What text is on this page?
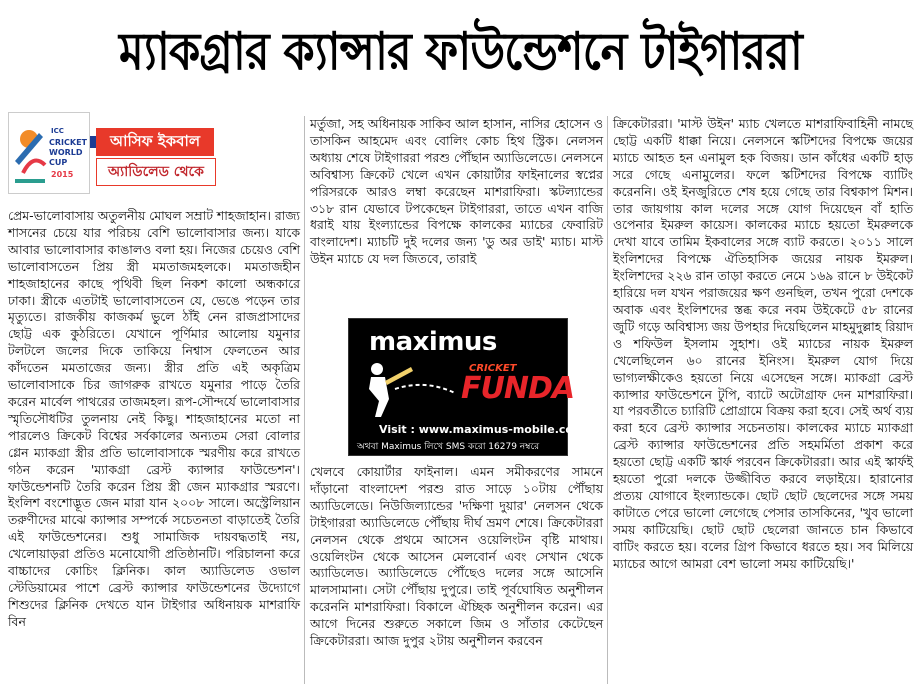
ম্যাকগ্রার ক্যান্সার ফাউন্ডেশনে টাইগাররা
ICC
CRICKET
WORLD
CUP
2015
আসিফ ইকবাল
অ্যাডিলেড থেকে

প্রেম-ভালোবাসায় অতুলনীয় মোঘল সম্রাট শাহজাহান। রাজ্য শাসনের চেয়ে যার পরিচয় বেশি ভালোবাসার জন্য। যাকে আবার ভালোবাসার কাঙালও বলা হয়। নিজের চেয়েও বেশি ভালোবাসতেন প্রিয় স্ত্রী মমতাজমহলকে। মমতাজহীন শাহজাহানের কাছে পৃথিবী ছিল নিকশ কালো অন্ধকারে ঢাকা। স্ত্রীকে এতটাই ভালোবাসতেন যে, ভেঙে পড়েন তার মৃত্যুতে। রাজকীয় কাজকর্ম ভুলে ঠাঁই নেন রাজপ্রাসাদের ছোট্ট এক কুঠরিতে। যেখানে পূর্ণিমার আলোয় যমুনার টলটলে জলের দিকে তাকিয়ে নিশ্বাস ফেলতেন আর কাঁদতেন মমতাজের জন্য। স্ত্রীর প্রতি এই অকৃত্রিম ভালোবাসাকে চির জাগরুক রাখতে যমুনার পাড়ে তৈরি করেন মার্বেল পাথরের তাজমহল। রূপ-সৌন্দর্যে ভালোবাসার স্মৃতিসৌধটির তুলনায় নেই কিছু। শাহজাহানের মতো না পারলেও ক্রিকেট বিশ্বের সর্বকালের অন্যতম সেরা বোলার গ্লেন ম্যাকগ্রা স্ত্রীর প্রতি ভালোবাসাকে স্মরণীয় করে রাখতে গঠন করেন 'ম্যাকগ্রা ব্রেস্ট ক্যান্সার ফাউন্ডেশন'। ফাউন্ডেশনটি তৈরি করেন প্রিয় স্ত্রী জেন ম্যাকগ্রার স্মরণে। ইংলিশ বংশোদ্ভূত জেন মারা যান ২০০৮ সালে। অস্ট্রেলিয়ান তরুণীদের মাঝে ক্যান্সার সম্পর্কে সচেতনতা বাড়াতেই তৈরি এই ফাউন্ডেশনের। শুধু সামাজিক দায়বদ্ধতাই নয়, খেলোয়াড়রা প্রতিও মনোযোগী প্রতিষ্ঠানটি। পরিচালনা করে বাচ্চাদের কোচিং ক্লিনিক। কাল অ্যাডিলেড ওভাল স্টেডিয়ামের পাশে ব্রেস্ট ক্যান্সার ফাউন্ডেশনের উদ্যোগে শিশুদের ক্লিনিক দেখতে যান টাইগার অধিনায়ক মাশরাফি বিন

মর্তুজা, সহ অধিনায়ক সাকিব আল হাসান, নাসির হোসেন ও তাসকিন আহমেদ এবং বোলিং কোচ হিথ স্ট্রিক। নেলসন অধ্যায় শেষে টাইগাররা পরশু পৌঁছান অ্যাডিলেডে। নেলসনে অবিশ্বাস্য ক্রিকেট খেলে এখন কোয়ার্টার ফাইনালের স্বপ্নের পরিসরকে আরও লম্বা করেছেন মাশরাফিরা। স্কটল্যান্ডের ৩১৮ রান যেভাবে টপকেছেন টাইগাররা, তাতে এখন বাজি ধরাই যায় ইংল্যান্ডের বিপক্ষে কালকের ম্যাচের ফেবারিট বাংলাদেশ। ম্যাচটি দুই দলের জন্য 'ডু অর ডাই' ম্যাচ। মাস্ট উইন ম্যাচে যে দল জিতবে, তারাই

maximus
CRICKET
FUNDA
Visit : www.maximus-mobile.com
অথবা Maximus লিখে SMS করো 16279 নম্বরে

খেলবে কোয়ার্টার ফাইনাল। এমন সমীকরণের সামনে দাঁড়ানো বাংলাদেশ পরশু রাত সাড়ে ১০টায় পৌঁছায় অ্যাডিলেডে। নিউজিল্যান্ডের 'দক্ষিণা দুয়ার' নেলসন থেকে টাইগাররা অ্যাডিলেডে পৌঁছায় দীর্ঘ ভ্রমণ শেষে। ক্রিকেটাররা নেলসন থেকে প্রথমে আসেন ওয়েলিংটন বৃষ্টি মাথায়। ওয়েলিংটন থেকে আসেন মেলবোর্ন এবং সেখান থেকে অ্যাডিলেড। অ্যাডিলেডে পৌঁছেও দলের সঙ্গে আসেনি মালসামানা। সেটা পৌঁছায় দুপুরে। তাই পূর্বঘোষিত অনুশীলন করেননি মাশরাফিরা। বিকালে ঐচ্ছিক অনুশীলন করেন। এর আগে দিনের শুরুতে সকালে জিম ও সাঁতার কেটেছেন ক্রিকেটাররা। আজ দুপুর ২টায় অনুশীলন করবেন

ক্রিকেটাররা। 'মাস্ট উইন' ম্যাচ খেলতে মাশরাফিবাহিনী নামছে ছোট্ট একটি ধাক্কা নিয়ে। নেলসনে স্কটিশদের বিপক্ষে জয়ের ম্যাচে আহত হন এনামুল হক বিজয়। ডান কাঁধের একটি হাড় সরে গেছে এনামুলের। ফলে স্কটিশদের বিপক্ষে ব্যাটিং করেননি। ওই ইনজুরিতে শেষ হয়ে গেছে তার বিশ্বকাপ মিশন। তার জায়গায় কাল দলের সঙ্গে যোগ দিয়েছেন বাঁ হাতি ওপেনার ইমরুল কায়েস। কালকের ম্যাচে হয়তো ইমরুলকে দেখা যাবে তামিম ইকবালের সঙ্গে ব্যাট করতে। ২০১১ সালে ইংলিশদের বিপক্ষে ঐতিহাসিক জয়ের নায়ক ইমরুল। ইংলিশদের ২২৬ রান তাড়া করতে নেমে ১৬৯ রানে ৮ উইকেট হারিয়ে দল যখন পরাজয়ের ক্ষণ গুনছিল, তখন পুরো দেশকে অবাক এবং ইংলিশদের স্তব্ধ করে নবম উইকেটে ৫৮ রানের জুটি গড়ে অবিশ্বাস্য জয় উপহার দিয়েছিলেন মাহমুদুল্লাহ রিয়াদ ও শফিউল ইসলাম সুহাশ। ওই ম্যাচের নায়ক ইমরুল খেলেছিলেন ৬০ রানের ইনিংস। ইমরুল যোগ দিয়ে ভাগ্যলক্ষীকেও হয়তো নিয়ে এসেছেন সঙ্গে। ম্যাকগ্রা ব্রেস্ট ক্যান্সার ফাউন্ডেশনে টুপি, ব্যাটে অটোগ্রাফ দেন মাশরাফিরা। যা পরবর্তীতে চ্যারিটি প্রোগ্রামে বিক্রয় করা হবে। সেই অর্থ ব্যয় করা হবে ব্রেস্ট ক্যান্সার সচেনতায়। কালকের ম্যাচে ম্যাকগ্রা ব্রেস্ট ক্যান্সার ফাউন্ডেশনের প্রতি সহমর্মিতা প্রকাশ করে হয়তো ছোট্ট একটি স্কার্ফ পরবেন ক্রিকেটাররা। আর এই স্কার্ফই হয়তো পুরো দলকে উজ্জীবিত করবে লড়াইয়ে। হারানোর প্রত্যয় যোগাবে ইংল্যান্ডকে। ছোট ছোট ছেলেদের সঙ্গে সময় কাটাতে পেরে ভালো লেগেছে পেসার তাসকিনের, 'খুব ভালো সময় কাটিয়েছি। ছোট ছোট ছেলেরা জানতে চান কিভাবে বাটিং করতে হয়। বলের গ্রিপ কিভাবে ধরতে হয়। সব মিলিয়ে ম্যাচের আগে আমরা বেশ ভালো সময় কাটিয়েছি।'
